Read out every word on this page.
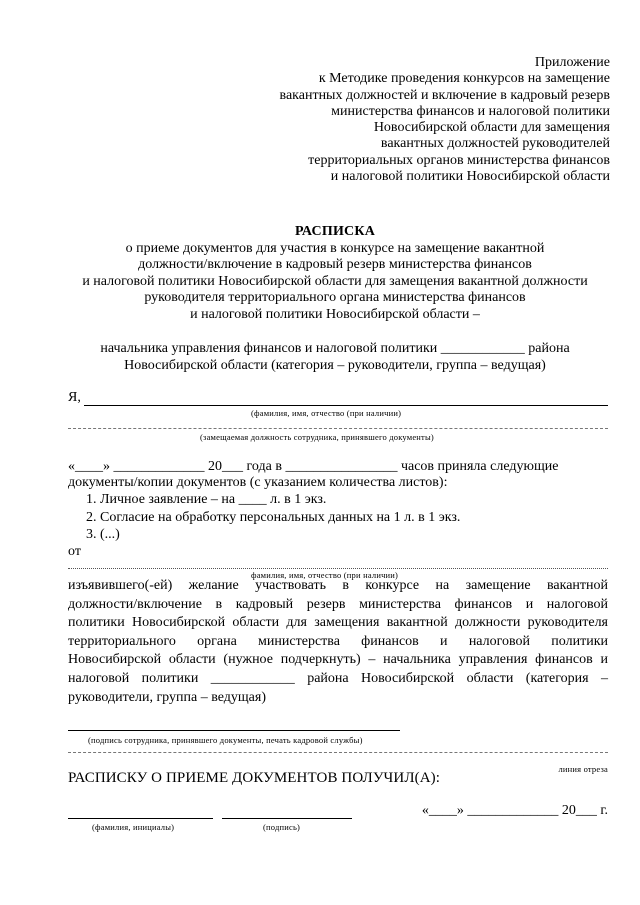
Приложение
к Методике проведения конкурсов на замещение
вакантных должностей и включение в кадровый резерв
министерства финансов и налоговой политики
Новосибирской области для замещения
вакантных должностей руководителей
территориальных органов министерства финансов
и налоговой политики Новосибирской области
РАСПИСКА
о приеме документов для участия в конкурсе на замещение вакантной
должности/включение в кадровый резерв министерства финансов
и налоговой политики Новосибирской области для замещения вакантной должности
руководителя территориального органа министерства финансов
и налоговой политики Новосибирской области –
начальника управления финансов и налоговой политики ____________ района
Новосибирской области (категория – руководители, группа – ведущая)
Я,
(фамилия, имя, отчество (при наличии)
(замещаемая должность сотрудника, принявшего документы)
«____» _____________ 20___ года в ________________ часов приняла следующие
документы/копии документов (с указанием количества листов):
1. Личное заявление – на ____ л. в 1 экз.
2. Согласие на обработку персональных данных на 1 л. в 1 экз.
3. (...)
от
фамилия, имя, отчество (при наличии)
изъявившего(-ей) желание участвовать в конкурсе на замещение вакантной
должности/включение в кадровый резерв министерства финансов и налоговой
политики Новосибирской области для замещения вакантной должности руководителя
территориального органа министерства финансов и налоговой политики
Новосибирской области (нужное подчеркнуть) – начальника управления финансов и
налоговой политики ____________ района Новосибирской области (категория –
руководители, группа – ведущая)
(подпись сотрудника, принявшего документы, печать кадровой службы)
линия отреза
РАСПИСКУ О ПРИЕМЕ ДОКУМЕНТОВ ПОЛУЧИЛ(А):
(фамилия, инициалы)	(подпись)
«____» _____________ 20___ г.
